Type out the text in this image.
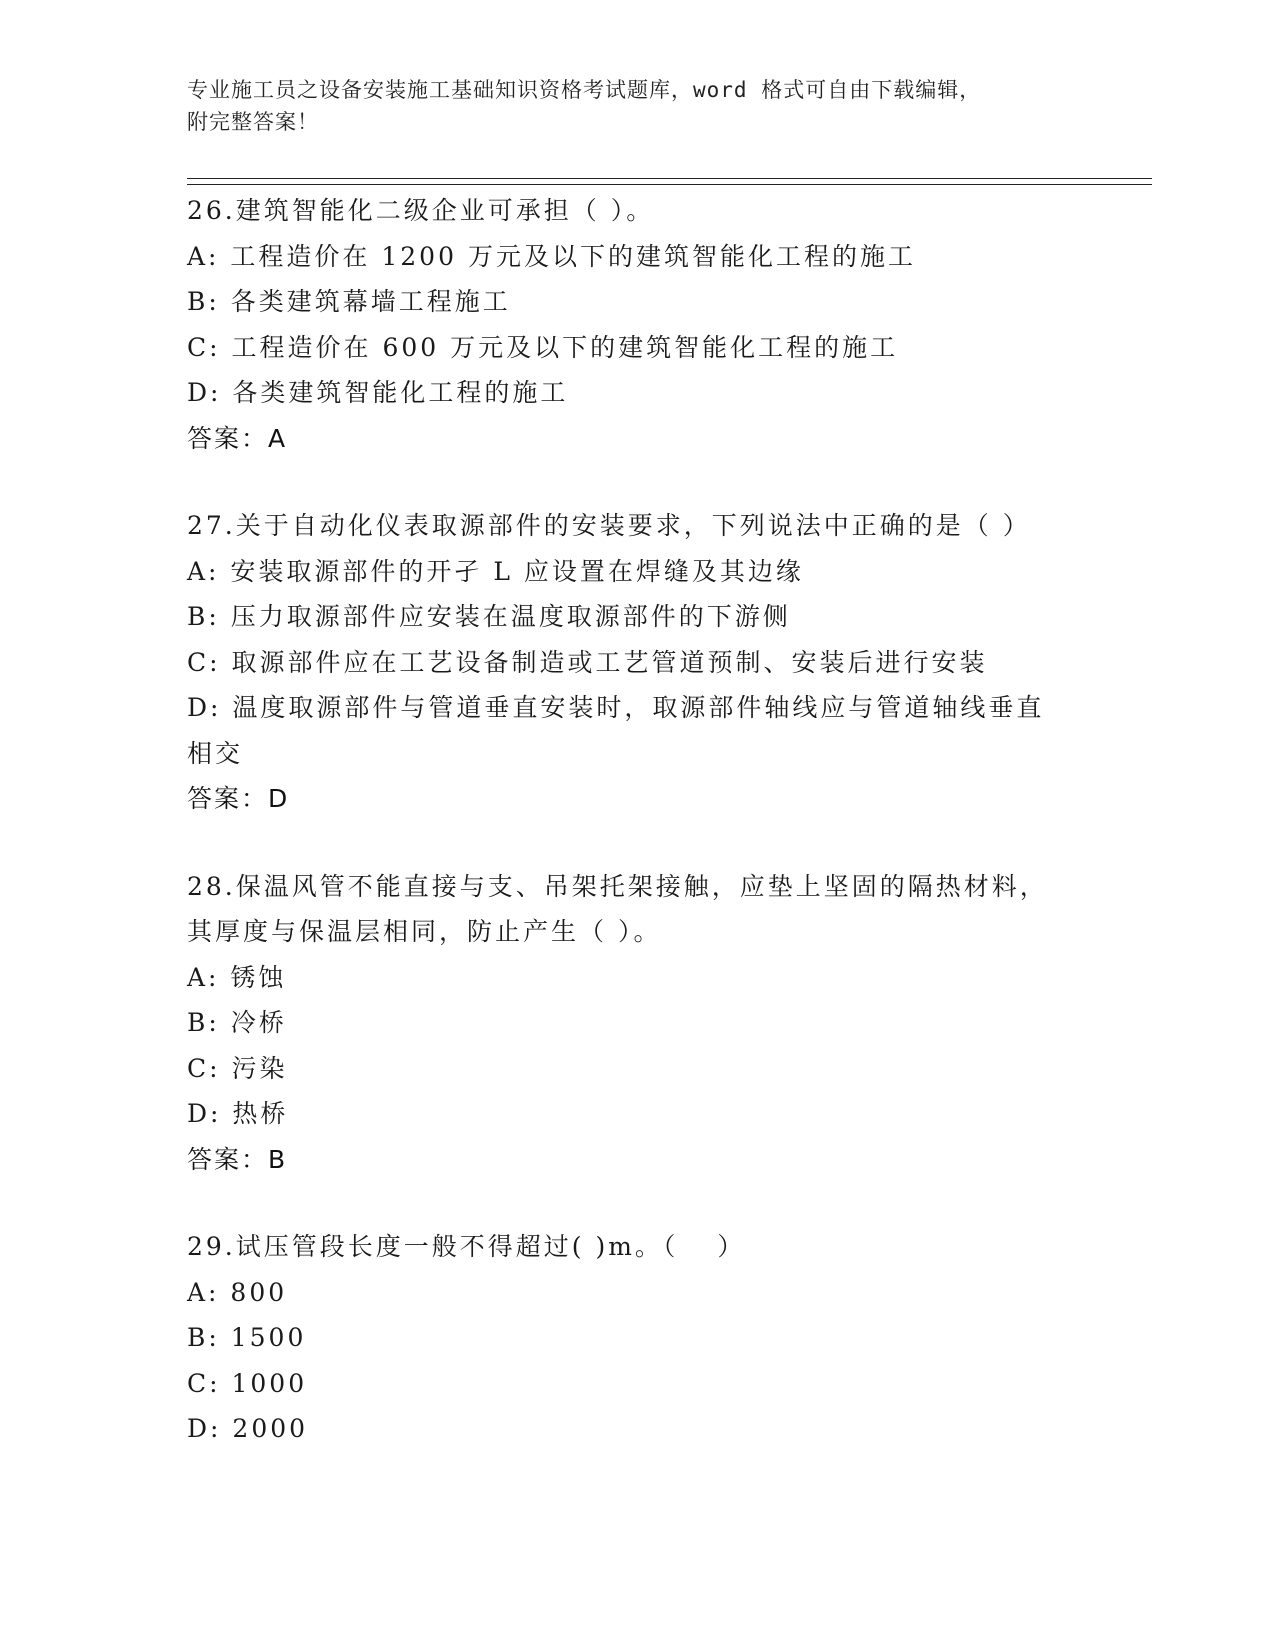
专业施工员之设备安装施工基础知识资格考试题库，word 格式可自由下载编辑，
附完整答案！
26.建筑智能化二级企业可承担（ ）。
A: 工程造价在 1200 万元及以下的建筑智能化工程的施工
B: 各类建筑幕墙工程施工
C: 工程造价在 600 万元及以下的建筑智能化工程的施工
D: 各类建筑智能化工程的施工
答案：A
27.关于自动化仪表取源部件的安装要求，下列说法中正确的是（ ）
A: 安装取源部件的开孑 L 应设置在焊缝及其边缘
B: 压力取源部件应安装在温度取源部件的下游侧
C: 取源部件应在工艺设备制造或工艺管道预制、安装后进行安装
D: 温度取源部件与管道垂直安装时，取源部件轴线应与管道轴线垂直
相交
答案：D
28.保温风管不能直接与支、吊架托架接触，应垫上坚固的隔热材料，
其厚度与保温层相同，防止产生（ ）。
A: 锈蚀
B: 冷桥
C: 污染
D: 热桥
答案：B
29.试压管段长度一般不得超过( )m。（　 ）
A: 800
B: 1500
C: 1000
D: 2000
